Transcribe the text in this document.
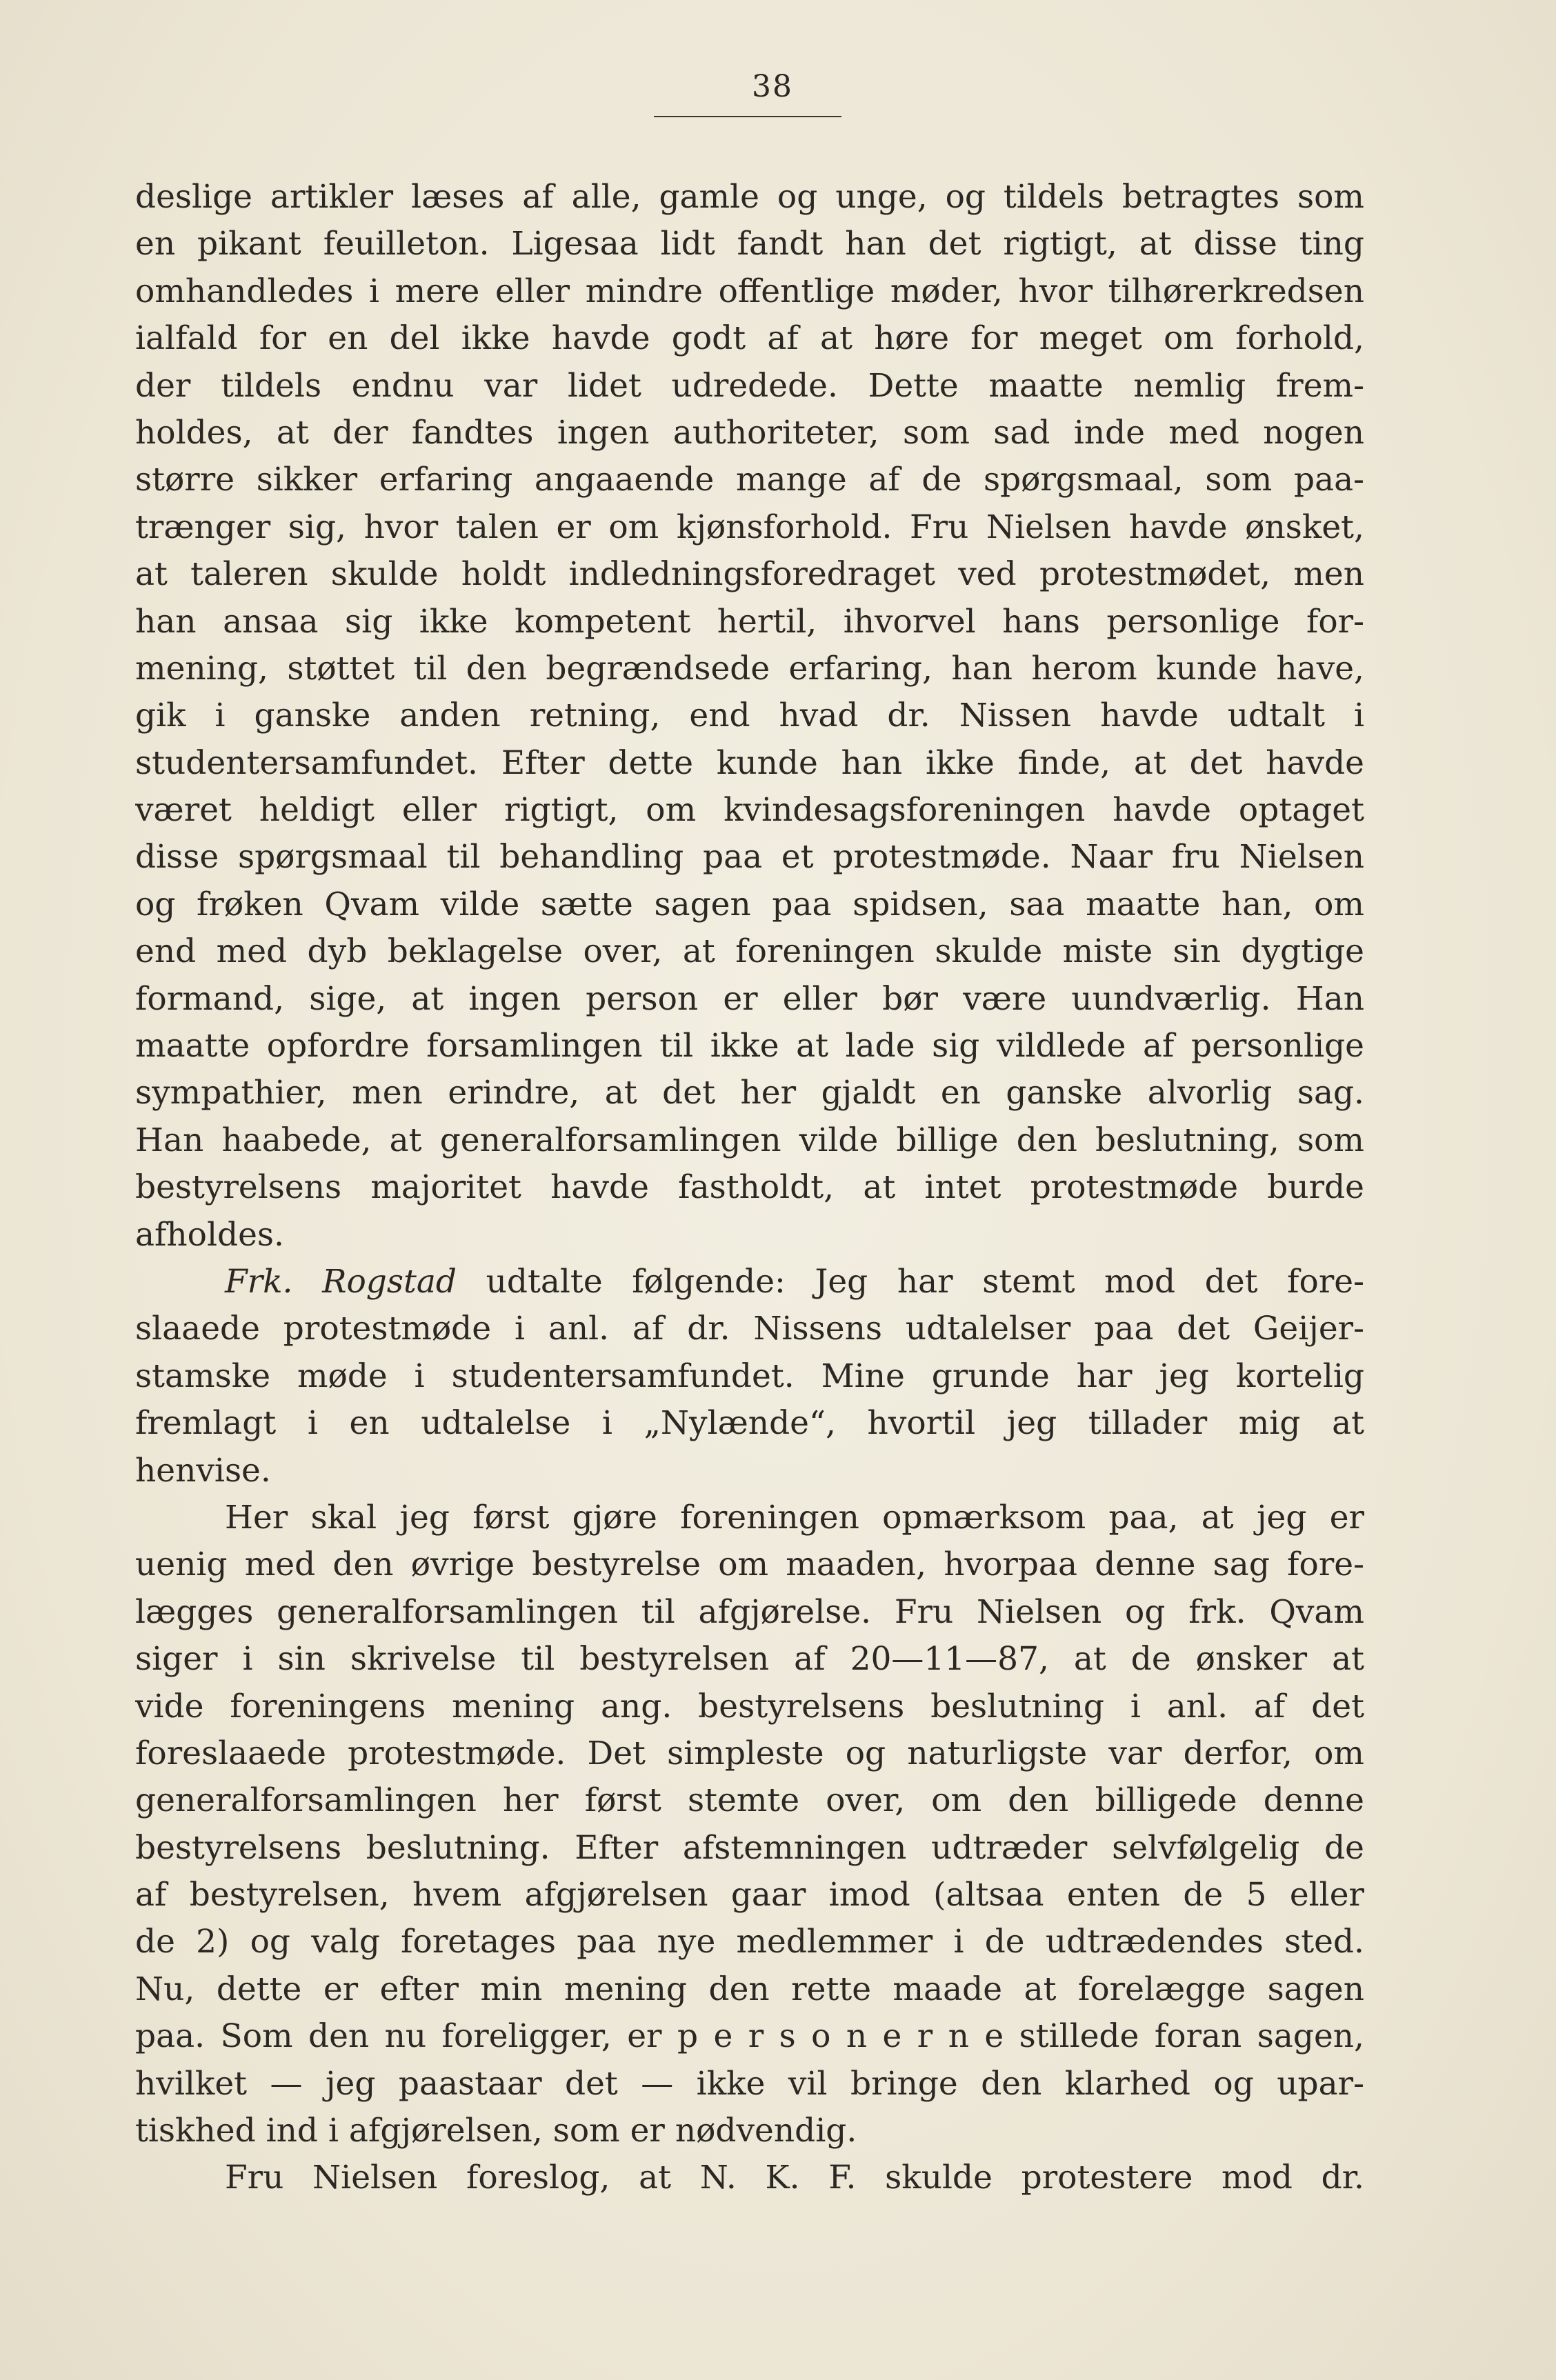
38
deslige artikler læses af alle, gamle og unge, og tildels betragtes som
en pikant feuilleton. Ligesaa lidt fandt han det rigtigt, at disse ting
omhandledes i mere eller mindre offentlige møder, hvor tilhørerkredsen
ialfald for en del ikke havde godt af at høre for meget om forhold,
der tildels endnu var lidet udredede. Dette maatte nemlig frem-
holdes, at der fandtes ingen authoriteter, som sad inde med nogen
større sikker erfaring angaaende mange af de spørgsmaal, som paa-
trænger sig, hvor talen er om kjønsforhold. Fru Nielsen havde ønsket,
at taleren skulde holdt indledningsforedraget ved protestmødet, men
han ansaa sig ikke kompetent hertil, ihvorvel hans personlige for-
mening, støttet til den begrændsede erfaring, han herom kunde have,
gik i ganske anden retning, end hvad dr. Nissen havde udtalt i
studentersamfundet. Efter dette kunde han ikke finde, at det havde
været heldigt eller rigtigt, om kvindesagsforeningen havde optaget
disse spørgsmaal til behandling paa et protestmøde. Naar fru Nielsen
og frøken Qvam vilde sætte sagen paa spidsen, saa maatte han, om
end med dyb beklagelse over, at foreningen skulde miste sin dygtige
formand, sige, at ingen person er eller bør være uundværlig. Han
maatte opfordre forsamlingen til ikke at lade sig vildlede af personlige
sympathier, men erindre, at det her gjaldt en ganske alvorlig sag.
Han haabede, at generalforsamlingen vilde billige den beslutning, som
bestyrelsens majoritet havde fastholdt, at intet protestmøde burde
afholdes.
Frk. Rogstad udtalte følgende: Jeg har stemt mod det fore-
slaaede protestmøde i anl. af dr. Nissens udtalelser paa det Geijer-
stamske møde i studentersamfundet. Mine grunde har jeg kortelig
fremlagt i en udtalelse i „Nylænde“, hvortil jeg tillader mig at
henvise.
Her skal jeg først gjøre foreningen opmærksom paa, at jeg er
uenig med den øvrige bestyrelse om maaden, hvorpaa denne sag fore-
lægges generalforsamlingen til afgjørelse. Fru Nielsen og frk. Qvam
siger i sin skrivelse til bestyrelsen af 20—11—87, at de ønsker at
vide foreningens mening ang. bestyrelsens beslutning i anl. af det
foreslaaede protestmøde. Det simpleste og naturligste var derfor, om
generalforsamlingen her først stemte over, om den billigede denne
bestyrelsens beslutning. Efter afstemningen udtræder selvfølgelig de
af bestyrelsen, hvem afgjørelsen gaar imod (altsaa enten de 5 eller
de 2) og valg foretages paa nye medlemmer i de udtrædendes sted.
Nu, dette er efter min mening den rette maade at forelægge sagen
paa. Som den nu foreligger, er p e r s o n e r n e stillede foran sagen,
hvilket — jeg paastaar det — ikke vil bringe den klarhed og upar-
tiskhed ind i afgjørelsen, som er nødvendig.
Fru Nielsen foreslog, at N. K. F. skulde protestere mod dr.
